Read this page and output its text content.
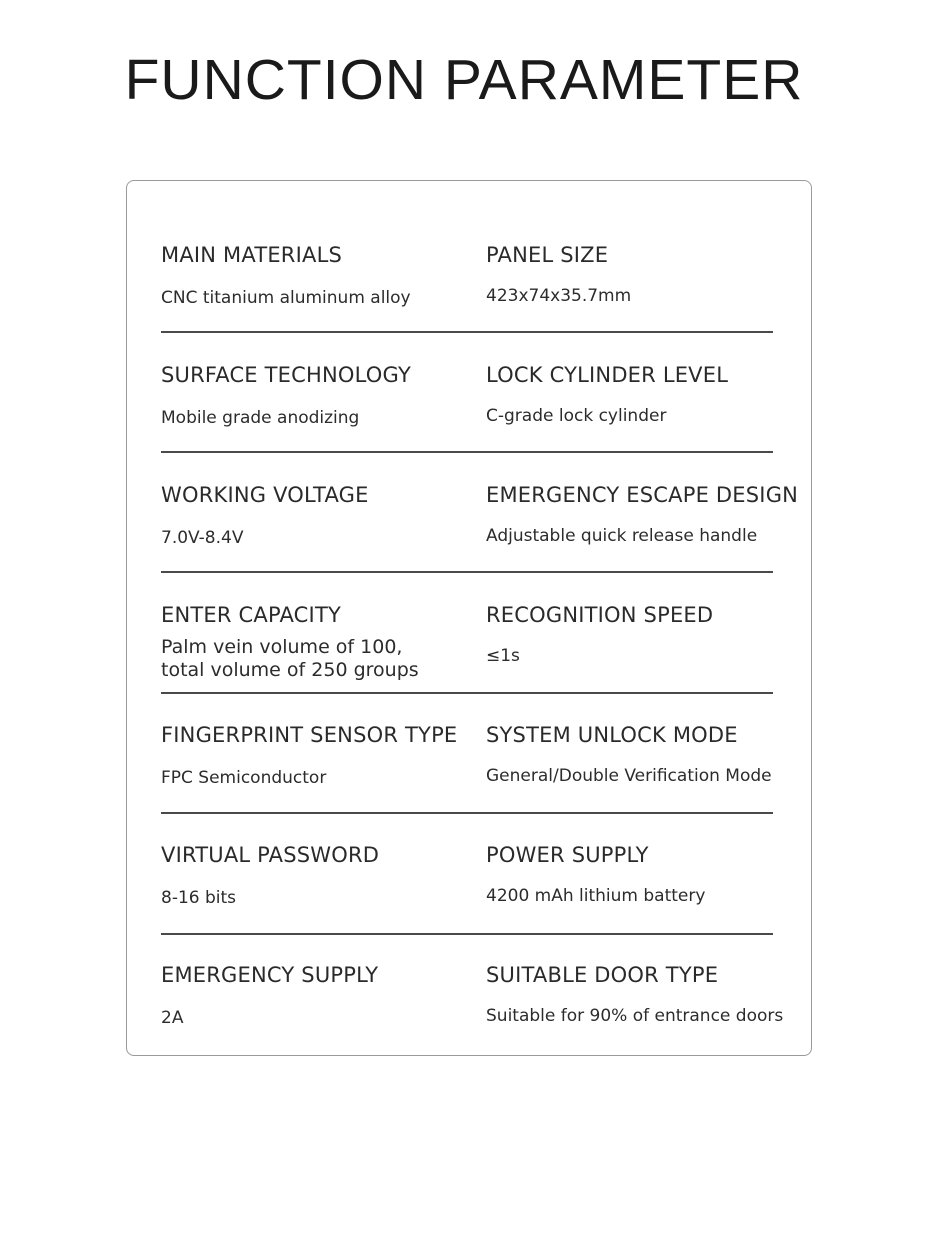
FUNCTION PARAMETER
MAIN MATERIALS
CNC titanium aluminum alloy
PANEL SIZE
423x74x35.7mm
SURFACE TECHNOLOGY
Mobile grade anodizing
LOCK CYLINDER LEVEL
C-grade lock cylinder
WORKING VOLTAGE
7.0V-8.4V
EMERGENCY ESCAPE DESIGN
Adjustable quick release handle
ENTER CAPACITY
Palm vein volume of 100,
total volume of 250 groups
RECOGNITION SPEED
≤1s
FINGERPRINT SENSOR TYPE
FPC Semiconductor
SYSTEM UNLOCK MODE
General/Double Verification Mode
VIRTUAL PASSWORD
8-16 bits
POWER SUPPLY
4200 mAh lithium battery
EMERGENCY SUPPLY
2A
SUITABLE DOOR TYPE
Suitable for 90% of entrance doors
